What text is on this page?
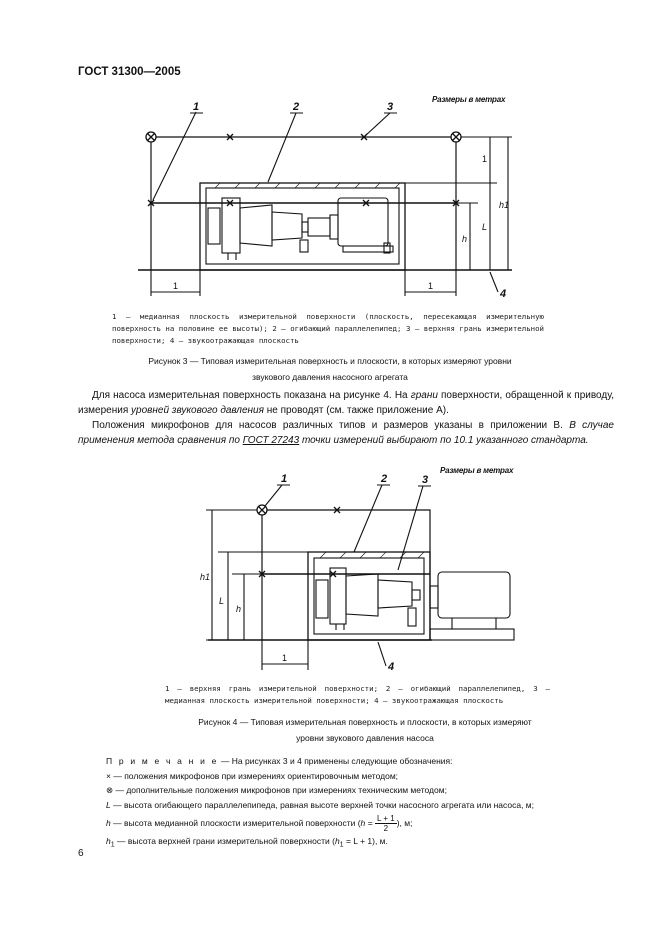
ГОСТ 31300—2005
Размеры в метрах
1	2	3
4
1	1
1
h
L
h1
1 — медианная плоскость измерительной поверхности (плоскость, пересекающая измерительную поверхность на половине ее высоты); 2 — огибающий параллелепипед; 3 — верхняя грань измерительной поверхности; 4 — звукоотражающая плоскость
Рисунок 3 — Типовая измерительная поверхность и плоскости, в которых измеряют уровни
звукового давления насосного агрегата

Для насоса измерительная поверхность показана на рисунке 4. На грани поверхности, обращенной к приводу, измерения уровней звукового давления не проводят (см. также приложение А).

Положения микрофонов для насосов различных типов и размеров указаны в приложении В. В случае применения метода сравнения по ГОСТ 27243 точки измерений выбирают по 10.1 указанного стандарта.

Размеры в метрах
1	2	3
4
1
h
L
h1
1 — верхняя грань измерительной поверхности; 2 — огибающий параллелепипед, 3 — медианная плоскость измерительной поверхности; 4 — звукоотражающая плоскость
Рисунок 4 — Типовая измерительная поверхность и плоскости, в которых измеряют
уровни звукового давления насоса
П р и м е ч а н и е — На рисунках 3 и 4 применены следующие обозначения:
× — положения микрофонов при измерениях ориентировочным методом;
⊗ — дополнительные положения микрофонов при измерениях техническим методом;
L — высота огибающего параллелепипеда, равная высоте верхней точки насосного агрегата или насоса, м;
h — высота медианной плоскости измерительной поверхности ($h = \frac{L + 1}{2}$ ), м;
$h_1$ — высота верхней грани измерительной поверхности $(h_1 = L + 1)$, м.
6
